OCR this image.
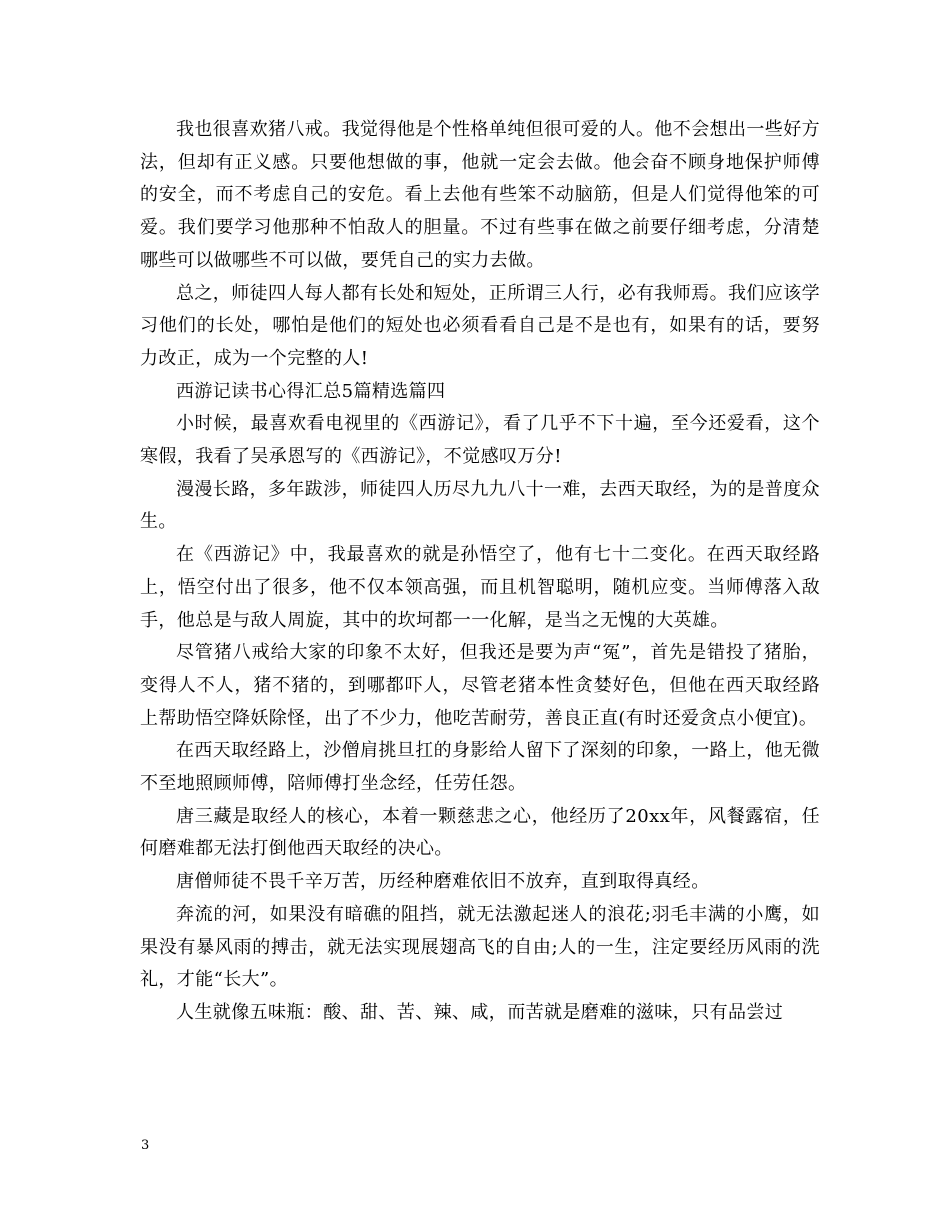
我也很喜欢猪八戒。我觉得他是个性格单纯但很可爱的人。他不会想出一些好方法，但却有正义感。只要他想做的事，他就一定会去做。他会奋不顾身地保护师傅的安全，而不考虑自己的安危。看上去他有些笨不动脑筋，但是人们觉得他笨的可爱。我们要学习他那种不怕敌人的胆量。不过有些事在做之前要仔细考虑，分清楚哪些可以做哪些不可以做，要凭自己的实力去做。

总之，师徒四人每人都有长处和短处，正所谓三人行，必有我师焉。我们应该学习他们的长处，哪怕是他们的短处也必须看看自己是不是也有，如果有的话，要努力改正，成为一个完整的人!

西游记读书心得汇总5篇精选篇四

小时候，最喜欢看电视里的《西游记》，看了几乎不下十遍，至今还爱看，这个寒假，我看了吴承恩写的《西游记》，不觉感叹万分!

漫漫长路，多年跋涉，师徒四人历尽九九八十一难，去西天取经，为的是普度众生。

在《西游记》中，我最喜欢的就是孙悟空了，他有七十二变化。在西天取经路上，悟空付出了很多，他不仅本领高强，而且机智聪明，随机应变。当师傅落入敌手，他总是与敌人周旋，其中的坎坷都一一化解，是当之无愧的大英雄。

尽管猪八戒给大家的印象不太好，但我还是要为声“冤”，首先是错投了猪胎，变得人不人，猪不猪的，到哪都吓人，尽管老猪本性贪婪好色，但他在西天取经路上帮助悟空降妖除怪，出了不少力，他吃苦耐劳，善良正直(有时还爱贪点小便宜)。

在西天取经路上，沙僧肩挑旦扛的身影给人留下了深刻的印象，一路上，他无微不至地照顾师傅，陪师傅打坐念经，任劳任怨。

唐三藏是取经人的核心，本着一颗慈悲之心，他经历了20xx年，风餐露宿，任何磨难都无法打倒他西天取经的决心。

唐僧师徒不畏千辛万苦，历经种磨难依旧不放弃，直到取得真经。

奔流的河，如果没有暗礁的阻挡，就无法激起迷人的浪花;羽毛丰满的小鹰，如果没有暴风雨的搏击，就无法实现展翅高飞的自由;人的一生，注定要经历风雨的洗礼，才能“长大”。

人生就像五味瓶：酸、甜、苦、辣、咸，而苦就是磨难的滋味，只有品尝过

3
